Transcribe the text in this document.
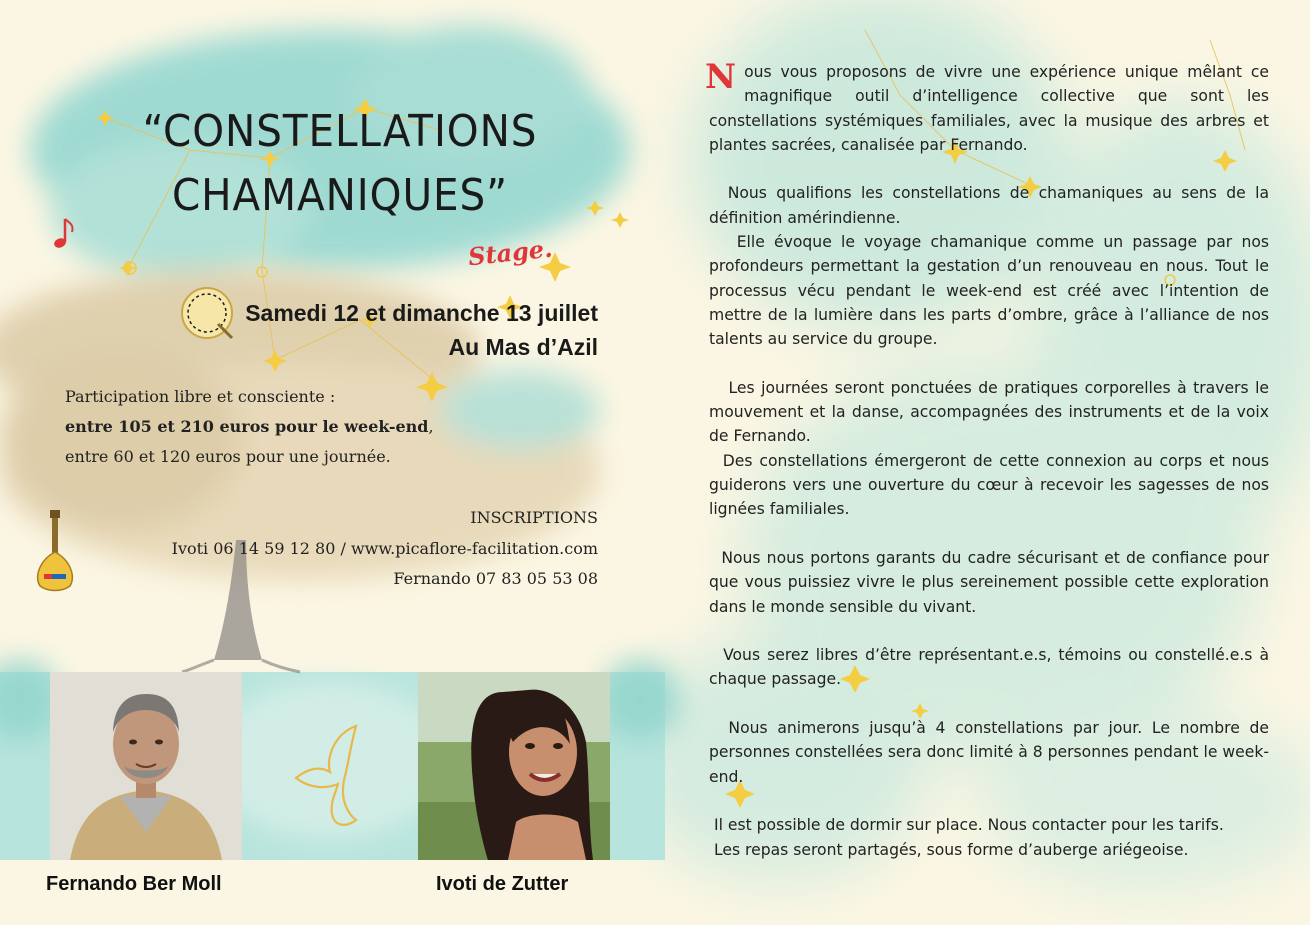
“CONSTELLATIONS
CHAMANIQUES”
Stage.
Samedi 12 et dimanche 13 juillet
Au Mas d’Azil
Participation libre et consciente :
entre 105 et 210 euros pour le week-end,
entre 60 et 120 euros pour une journée.
INSCRIPTIONS
Ivoti 06 14 59 12 80 / www.picaflore-facilitation.com
Fernando 07 83 05 53 08
Fernando Ber Moll	Ivoti de Zutter

Nous vous proposons de vivre une expérience unique mêlant ce magnifique outil d’intelligence collective que sont les constellations systémiques familiales, avec la musique des arbres et plantes sacrées, canalisée par Fernando.

Nous qualifions les constellations de chamaniques au sens de la définition amérindienne.
Elle évoque le voyage chamanique comme un passage par nos profondeurs permettant la gestation d’un renouveau en nous. Tout le processus vécu pendant le week-end est créé avec l’intention de mettre de la lumière dans les parts d’ombre, grâce à l’alliance de nos talents au service du groupe.

Les journées seront ponctuées de pratiques corporelles à travers le mouvement et la danse, accompagnées des instruments et de la voix de Fernando.
Des constellations émergeront de cette connexion au corps et nous guiderons vers une ouverture du cœur à recevoir les sagesses de nos lignées familiales.

Nous nous portons garants du cadre sécurisant et de confiance pour que vous puissiez vivre le plus sereinement possible cette exploration dans le monde sensible du vivant.

Vous serez libres d’être représentant.e.s, témoins ou constellé.e.s à chaque passage.

Nous animerons jusqu’à 4 constellations par jour. Le nombre de personnes constellées sera donc limité à 8 personnes pendant le week-end.

Il est possible de dormir sur place. Nous contacter pour les tarifs.
Les repas seront partagés, sous forme d’auberge ariégeoise.
